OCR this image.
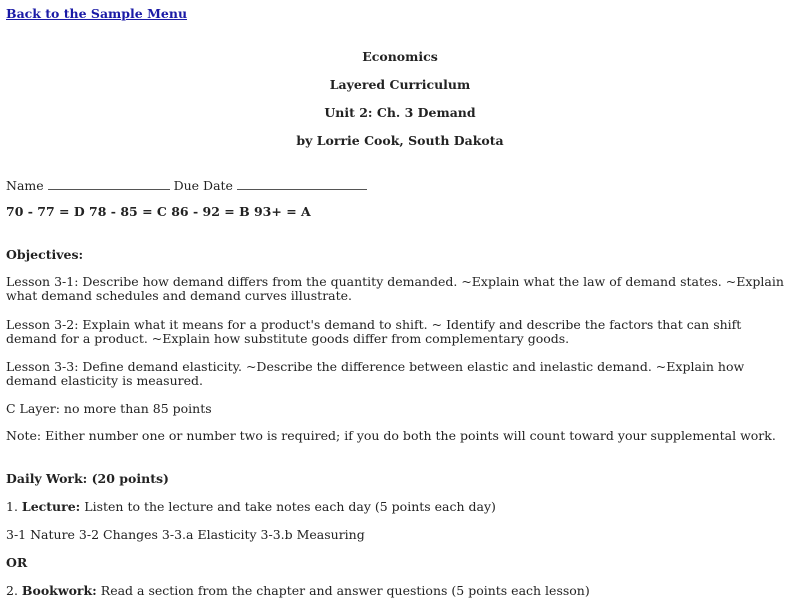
Back to the Sample Menu
Economics
Layered Curriculum
Unit 2: Ch. 3 Demand
by Lorrie Cook, South Dakota
Name	Due Date
70 - 77 = D 78 - 85 = C 86 - 92 = B 93+ = A
Objectives:
Lesson 3-1: Describe how demand differs from the quantity demanded. ~Explain what the law of demand states. ~Explain what demand schedules and demand curves illustrate.
Lesson 3-2: Explain what it means for a product's demand to shift. ~ Identify and describe the factors that can shift demand for a product. ~Explain how substitute goods differ from complementary goods.
Lesson 3-3: Define demand elasticity. ~Describe the difference between elastic and inelastic demand. ~Explain how demand elasticity is measured.
C Layer: no more than 85 points
Note: Either number one or number two is required; if you do both the points will count toward your supplemental work.
Daily Work: (20 points)
1. Lecture: Listen to the lecture and take notes each day (5 points each day)
3-1 Nature 3-2 Changes 3-3.a Elasticity 3-3.b Measuring
OR
2. Bookwork: Read a section from the chapter and answer questions (5 points each lesson)
